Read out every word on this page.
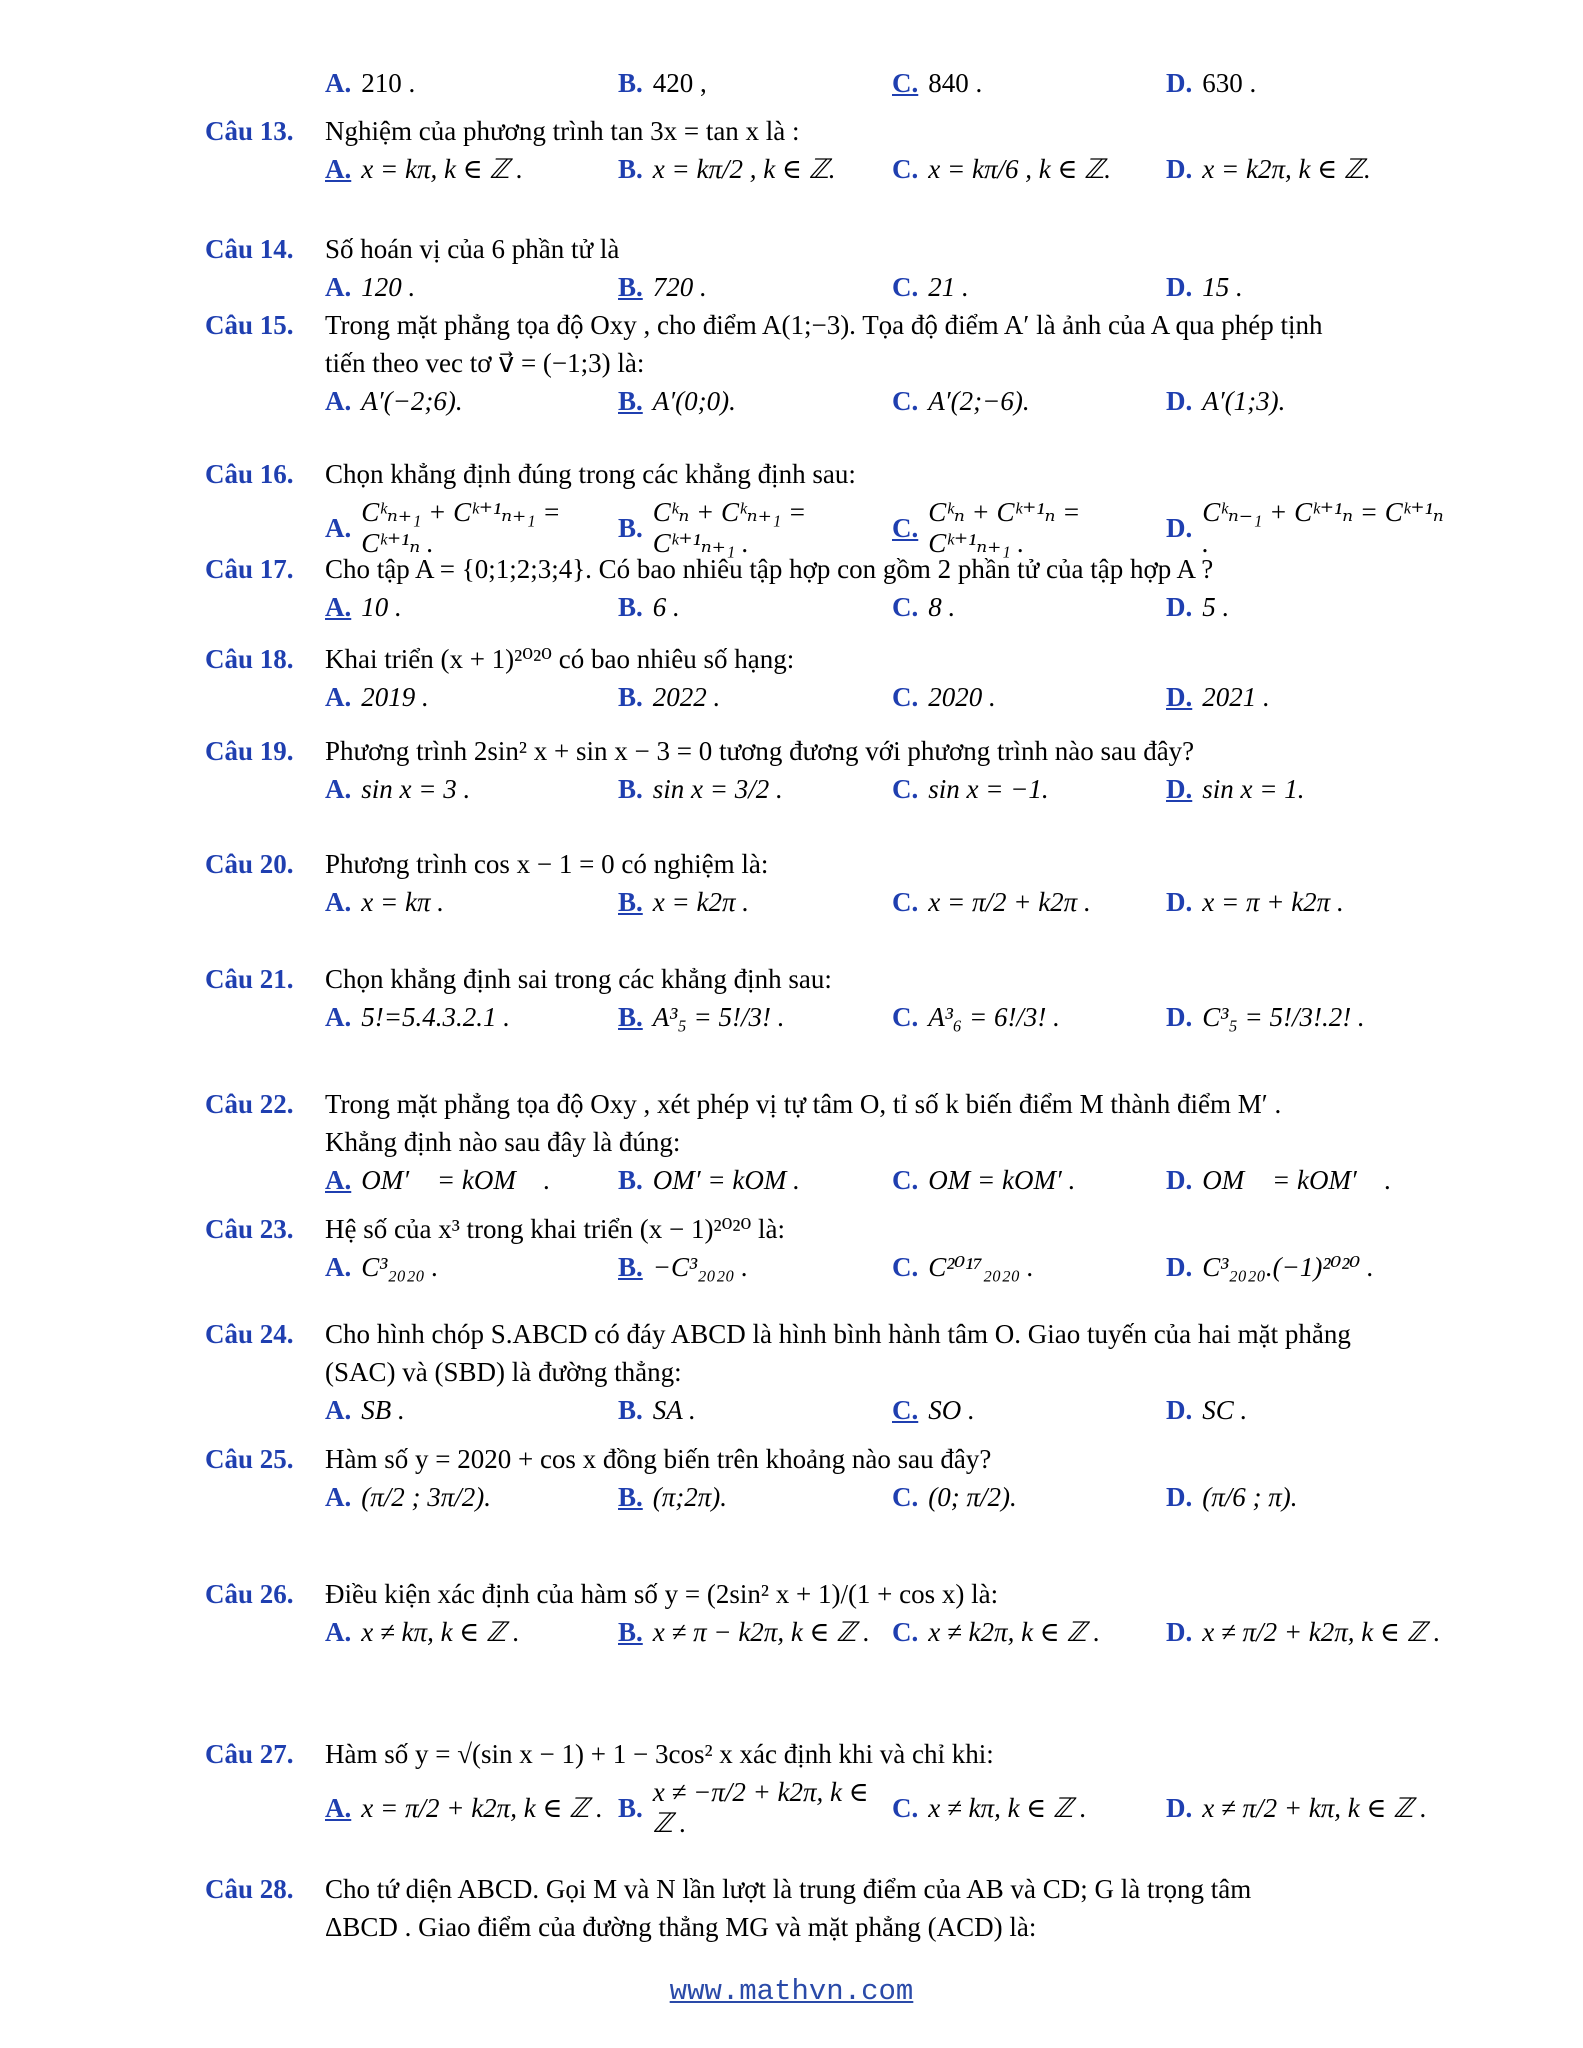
A. 210 .	B. 420 ,	C. 840 .	D. 630 .
Câu 13.	Nghiệm của phương trình tan 3x = tan x là :
A. x = kπ, k ∈ ℤ .	B. x = kπ/2 , k ∈ ℤ. C. x = kπ/6 , k ∈ ℤ. D. x = k2π, k ∈ ℤ.
Câu 14.	Số hoán vị của 6 phần tử là
A. 120 .	B. 720 .	C. 21 .	D. 15 .
Câu 15.	Trong mặt phẳng tọa độ Oxy , cho điểm A(1;−3). Tọa độ điểm A′ là ảnh của A qua phép tịnh
tiến theo vec tơ v⃗ = (−1;3) là:
A. A′(−2;6).	B. A′(0;0).	C. A′(2;−6).	D. A′(1;3).
Câu 16.	Chọn khẳng định đúng trong các khẳng định sau:
A.
Cᵏₙ₊₁ + Cᵏ⁺¹ₙ₊₁ = Cᵏ⁺¹ₙ .
B.
Cᵏₙ + Cᵏₙ₊₁ = Cᵏ⁺¹ₙ₊₁ .
C.
Cᵏₙ + Cᵏ⁺¹ₙ = Cᵏ⁺¹ₙ₊₁ .
D.
Cᵏₙ₋₁ + Cᵏ⁺¹ₙ = Cᵏ⁺¹ₙ .
Câu 17.	Cho tập A = {0;1;2;3;4}. Có bao nhiêu tập hợp con gồm 2 phần tử của tập hợp A ?
A. 10 .	B. 6 .	C. 8 .	D. 5 .
Câu 18.	Khai triển (x + 1)²⁰²⁰ có bao nhiêu số hạng:
A. 2019 .	B. 2022 .	C. 2020 .	D. 2021 .
Câu 19.	Phương trình 2sin² x + sin x − 3 = 0 tương đương với phương trình nào sau đây?
A. sin x = 3 .	B. sin x = 3/2 .	C. sin x = −1.	D. sin x = 1.
Câu 20.	Phương trình cos x − 1 = 0 có nghiệm là:
A. x = kπ .	B. x = k2π .	C. x = π/2 + k2π .	D. x = π + k2π .
Câu 21.	Chọn khẳng định sai trong các khẳng định sau:
A. 5!=5.4.3.2.1 .	B. A³₅ = 5!/3! .	C. A³₆ = 6!/3! .	D. C³₅ = 5!/3!.2! .
Câu 22.	Trong mặt phẳng tọa độ Oxy , xét phép vị tự tâm O, tỉ số k biến điểm M thành điểm M′ .
Khẳng định nào sau đây là đúng:
A. OM′⃗ = kOM⃗ .	B. OM′ = kOM .	C. OM = kOM′ .	D. OM⃗ = kOM′⃗ .
Câu 23.	Hệ số của x³ trong khai triển (x − 1)²⁰²⁰ là:
A. C³₂₀₂₀ .	B. −C³₂₀₂₀ .	C. C²⁰¹⁷₂₀₂₀ .	D. C³₂₀₂₀.(−1)²⁰²⁰ .
Câu 24.	Cho hình chóp S.ABCD có đáy ABCD là hình bình hành tâm O. Giao tuyến của hai mặt phẳng
(SAC) và (SBD) là đường thẳng:
A. SB .	B. SA .	C. SO .	D. SC .
Câu 25.	Hàm số y = 2020 + cos x đồng biến trên khoảng nào sau đây?
A. (π/2 ; 3π/2).	B. (π;2π).	C. (0; π/2).	D. (π/6 ; π).
Câu 26.	Điều kiện xác định của hàm số y = (2sin² x + 1)/(1 + cos x) là:
A. x ≠ kπ, k ∈ ℤ .	B. x ≠ π − k2π, k ∈ ℤ . C. x ≠ k2π, k ∈ ℤ . D. x ≠ π/2 + k2π, k ∈ ℤ .
Câu 27.	Hàm số y = √(sin x − 1) + 1 − 3cos² x xác định khi và chỉ khi:
A. x = π/2 + k2π, k ∈ ℤ . B.
x ≠ −π/2 + k2π, k ∈ ℤ .
C. x ≠ kπ, k ∈ ℤ .	D. x ≠ π/2 + kπ, k ∈ ℤ .
Câu 28.	Cho tứ diện ABCD. Gọi M và N lần lượt là trung điểm của AB và CD; G là trọng tâm
ΔBCD . Giao điểm của đường thẳng MG và mặt phẳng (ACD) là:
www.mathvn.com
